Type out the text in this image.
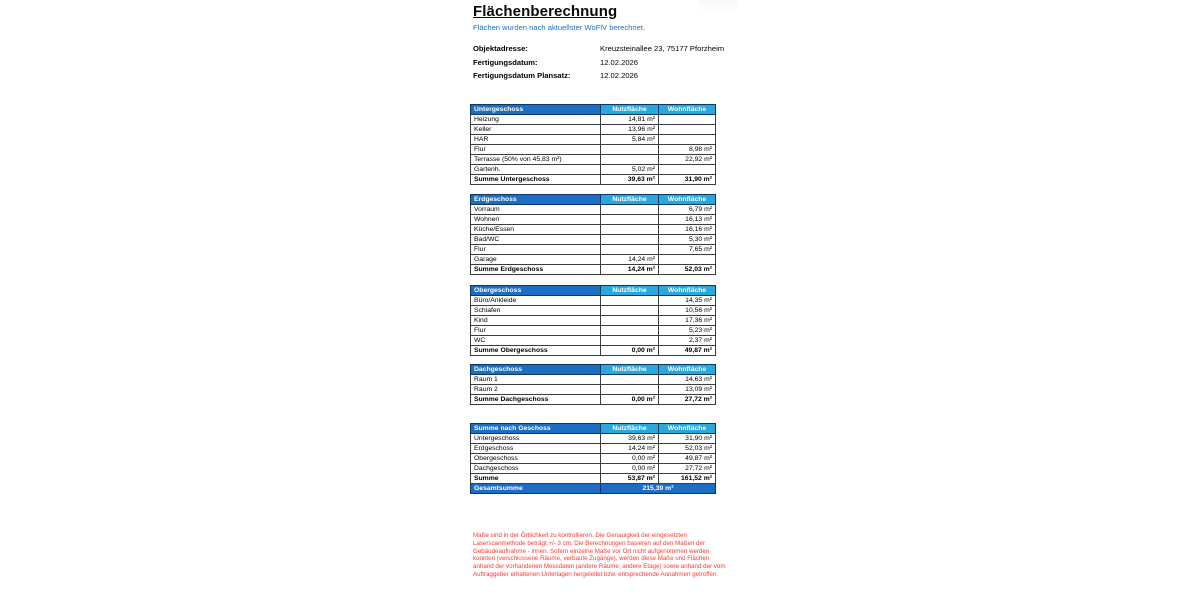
Flächenberechnung
Flächen wurden nach aktuellster WoFlV berechnet.
Objektadresse:	Kreuzsteinallee 23, 75177 Pforzheim
Fertigungsdatum:	12.02.2026
Fertigungsdatum Plansatz:	12.02.2026
Untergeschoss	Nutzfläche	Wohnfläche
Heizung	14,81 m²	
Keller	13,96 m²	
HAR	5,84 m²	
Flur		8,98 m²
Terrasse (50% von 45,83 m²)		22,92 m²
Gartenh.	5,02 m²	
Summe Untergeschoss	39,63 m²	31,90 m²
Erdgeschoss	Nutzfläche	Wohnfläche
Vorraum		6,79 m²
Wohnen		16,13 m²
Küche/Essen		16,16 m²
Bad/WC		5,30 m²
Flur		7,65 m²
Garage	14,24 m²	
Summe Erdgeschoss	14,24 m²	52,03 m²
Obergeschoss	Nutzfläche	Wohnfläche
Büro/Ankleide		14,35 m²
Schlafen		10,56 m²
Kind		17,36 m²
Flur		5,23 m²
WC		2,37 m²
Summe Obergeschoss	0,00 m²	49,87 m²
Dachgeschoss	Nutzfläche	Wohnfläche
Raum 1		14,63 m²
Raum 2		13,09 m²
Summe Dachgeschoss	0,00 m²	27,72 m²
Summe nach Geschoss	Nutzfläche	Wohnfläche
Untergeschoss	39,63 m²	31,90 m²
Erdgeschoss	14,24 m²	52,03 m²
Obergeschoss	0,00 m²	49,87 m²
Dachgeschoss	0,00 m²	27,72 m²
Summe	53,87 m²	161,52 m²
Gesamtsumme	215,39 m²	
Maße sind in der Örtlichkeit zu kontrollieren. Die Genauigkeit der eingesetzten Laserscanmethode beträgt +/- 3 cm. Die Berechnungen basieren auf den Maßen der Gebäudeaufnahme - innen. Sofern einzelne Maße vor Ort nicht aufgenommen werden konnten (verschlossene Räume, verbaute Zugänge), werden diese Maße und Flächen anhand der vorhandenen Messdaten (andere Räume, andere Etage) sowie anhand der vom Auftraggeber erhaltenen Unterlagen hergeleitet bzw. entsprechende Annahmen getroffen.
